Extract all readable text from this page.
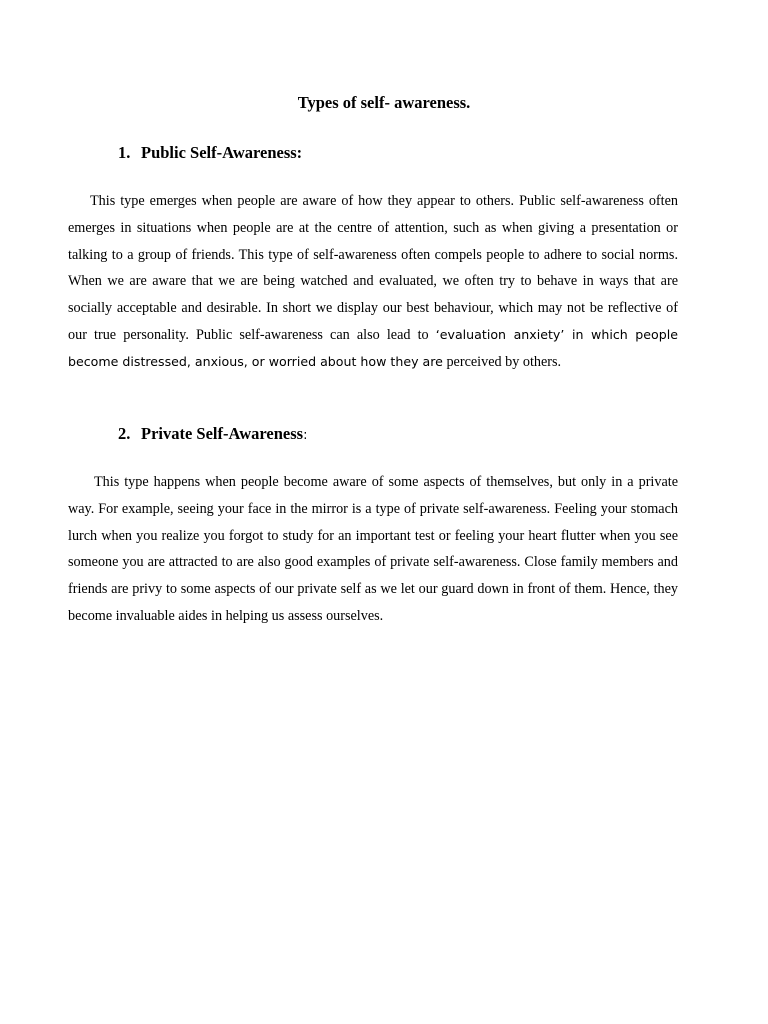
Types of self- awareness.
1. Public Self-Awareness:

This type emerges when people are aware of how they appear to others. Public self-awareness often emerges in situations when people are at the centre of attention, such as when giving a presentation or talking to a group of friends. This type of self-awareness often compels people to adhere to social norms. When we are aware that we are being watched and evaluated, we often try to behave in ways that are socially acceptable and desirable. In short we display our best behaviour, which may not be reflective of our true personality. Public self-awareness can also lead to ‘evaluation anxiety’ in which people become distressed, anxious, or worried about how they are perceived by others.

2. Private Self-Awareness:

This type happens when people become aware of some aspects of themselves, but only in a private way. For example, seeing your face in the mirror is a type of private self-awareness. Feeling your stomach lurch when you realize you forgot to study for an important test or feeling your heart flutter when you see someone you are attracted to are also good examples of private self-awareness. Close family members and friends are privy to some aspects of our private self as we let our guard down in front of them. Hence, they become invaluable aides in helping us assess ourselves.
